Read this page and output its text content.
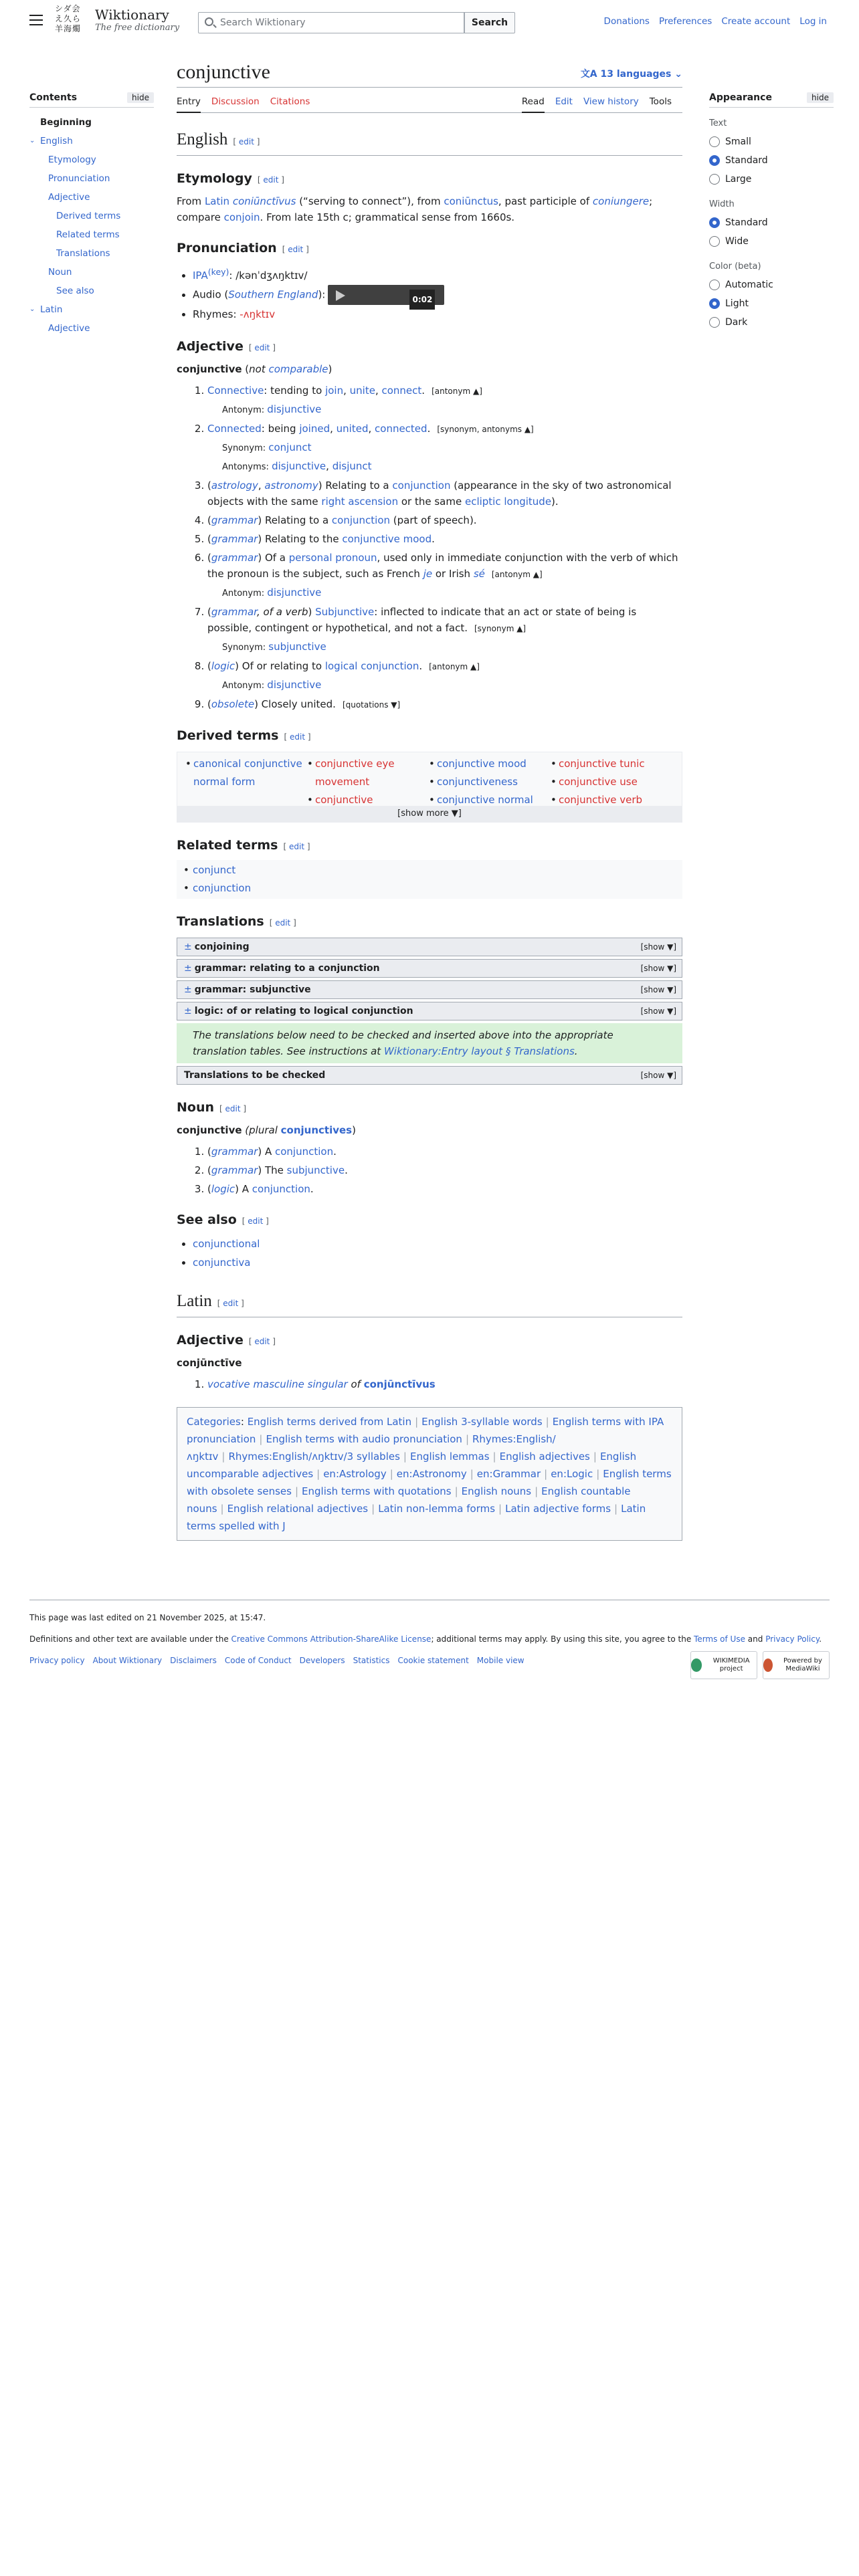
シダ会 え久ら 羊海燭
Wiktionary
The free dictionary
Search Wiktionary	Search	Donations Preferences Create account Log in
Contents	hide
Beginning
⌄ English
Etymology
Pronunciation
Adjective
Derived terms
Related terms
Translations
Noun
See also
⌄ Latin
Adjective
conjunctive	文A 13 languages ⌄
Entry Discussion Citations	Read Edit View history Tools
English [ edit ]
Etymology [ edit ]

From Latin coniūnctīvus (“serving to connect”), from coniūnctus, past participle of coniungere; compare conjoin. From late 15th c; grammatical sense from 1660s.

Pronunciation [ edit ]
• $IPA^{(key)}$: /kənˈdʒʌŋktɪv/
• Audio (Southern England):	0:02
• Rhymes: -ʌŋktɪv
Adjective [ edit ]

conjunctive (not comparable)

1. Connective: tending to join, unite, connect. [antonym ▲]
Antonym: disjunctive
2. Connected: being joined, united, connected. [synonym, antonyms ▲]
Synonym: conjunct
Antonyms: disjunctive, disjunct
3. (astrology, astronomy) Relating to a conjunction (appearance in the sky of two astronomical objects with the same right ascension or the same ecliptic longitude).
4. (grammar) Relating to a conjunction (part of speech).
5. (grammar) Relating to the conjunctive mood.
6. (grammar) Of a personal pronoun, used only in immediate conjunction with the verb of which the pronoun is the subject, such as French je or Irish sé [antonym ▲]
Antonym: disjunctive
7. (grammar, of a verb) Subjunctive: inflected to indicate that an act or state of being is possible, contingent or hypothetical, and not a fact. [synonym ▲]
Synonym: subjunctive
8. (logic) Of or relating to logical conjunction. [antonym ▲]
Antonym: disjunctive
9. (obsolete) Closely united. [quotations ▼]
Derived terms [ edit ]
• canonical conjunctive normal form
• conjunctive eye movement
• conjunctive
• conjunctive mood
• conjunctiveness
• conjunctive normal
• conjunctive tunic
• conjunctive use
• conjunctive verb
[show more ▼]
Related terms [ edit ]
• conjunct
• conjunction
Translations [ edit ]
± conjoining	[show ▼]
± grammar: relating to a conjunction	[show ▼]
± grammar: subjunctive	[show ▼]
± logic: of or relating to logical conjunction	[show ▼]
The translations below need to be checked and inserted above into the appropriate translation tables. See instructions at Wiktionary:Entry layout § Translations.
Translations to be checked	[show ▼]
Noun [ edit ]

conjunctive (plural conjunctives)

1. (grammar) A conjunction.
2. (grammar) The subjunctive.
3. (logic) A conjunction.
See also [ edit ]
• conjunctional
• conjunctiva
Latin [ edit ]
Adjective [ edit ]

conjūnctīve

1. vocative masculine singular of conjūnctīvus
Categories: English terms derived from Latin | English 3-syllable words | English terms with IPA pronunciation | English terms with audio pronunciation | Rhymes:English/ʌŋktɪv | Rhymes:English/ʌŋktɪv/3 syllables | English lemmas | English adjectives | English uncomparable adjectives | en:Astrology | en:Astronomy | en:Grammar | en:Logic | English terms with obsolete senses | English terms with quotations | English nouns | English countable nouns | English relational adjectives | Latin non-lemma forms | Latin adjective forms | Latin terms spelled with J
Appearance	hide
Text
Small
Standard
Large
Width
Standard
Wide
Color (beta)
Automatic
Light
Dark
This page was last edited on 21 November 2025, at 15:47.
Definitions and other text are available under the Creative Commons Attribution-ShareAlike License; additional terms may apply. By using this site, you agree to the Terms of Use and Privacy Policy.
Privacy policy About Wiktionary Disclaimers Code of Conduct Developers Statistics Cookie statement Mobile view	WIKIMEDIA project
Powered by MediaWiki
